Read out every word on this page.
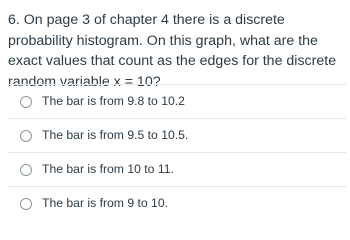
6. On page 3 of chapter 4 there is a discrete probability histogram. On this graph, what are the exact values that count as the edges for the discrete random variable x = 10?
The bar is from 9.8 to 10.2
The bar is from 9.5 to 10.5.
The bar is from 10 to 11.
The bar is from 9 to 10.
